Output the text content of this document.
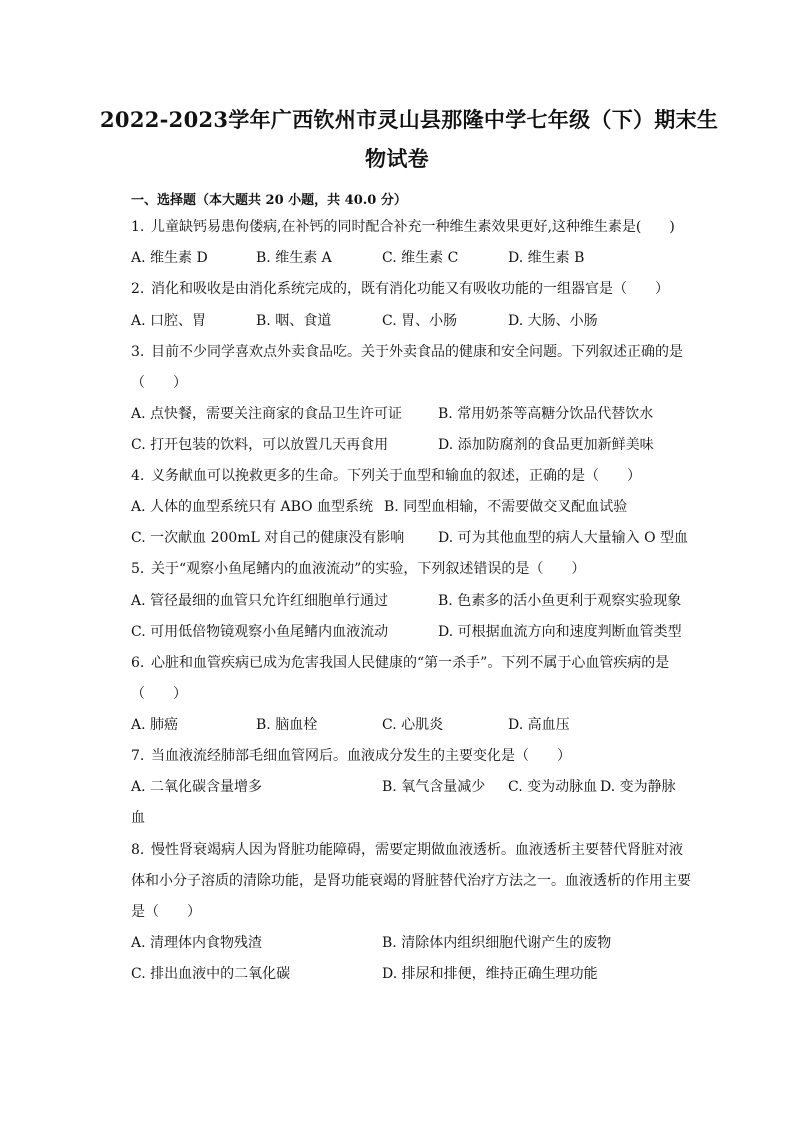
2022-2023学年广西钦州市灵山县那隆中学七年级（下）期末生
物试卷
一、选择题（本大题共 20 小题，共 40.0 分）
1. 儿童缺钙易患佝偻病,在补钙的同时配合补充一种维生素效果更好,这种维生素是(　　)
A. 维生素 D	B. 维生素 A	C. 维生素 C	D. 维生素 B
2. 消化和吸收是由消化系统完成的，既有消化功能又有吸收功能的一组器官是（　　）
A. 口腔、胃	B. 咽、食道	C. 胃、小肠	D. 大肠、小肠
3. 目前不少同学喜欢点外卖食品吃。关于外卖食品的健康和安全问题。下列叙述正确的是
（　　）
A. 点快餐，需要关注商家的食品卫生许可证	B. 常用奶茶等高糖分饮品代替饮水
C. 打开包装的饮料，可以放置几天再食用	D. 添加防腐剂的食品更加新鲜美味
4. 义务献血可以挽救更多的生命。下列关于血型和输血的叙述，正确的是（　　）
A. 人体的血型系统只有 ABO 血型系统 B. 同型血相输，不需要做交叉配血试验
C. 一次献血 200mL 对自己的健康没有影响 D. 可为其他血型的病人大量输入 O 型血
5. 关于“观察小鱼尾鳍内的血液流动”的实验，下列叙述错误的是（　　）
A. 管径最细的血管只允许红细胞单行通过	B. 色素多的活小鱼更利于观察实验现象
C. 可用低倍物镜观察小鱼尾鳍内血液流动	D. 可根据血流方向和速度判断血管类型
6. 心脏和血管疾病已成为危害我国人民健康的“第一杀手”。下列不属于心血管疾病的是
（　　）
A. 肺癌	B. 脑血栓	C. 心肌炎	D. 高血压
7. 当血液流经肺部毛细血管网后。血液成分发生的主要变化是（　　）
A. 二氧化碳含量增多	B. 氧气含量减少 C. 变为动脉血 D. 变为静脉
血
8. 慢性肾衰竭病人因为肾脏功能障碍，需要定期做血液透析。血液透析主要替代肾脏对液
体和小分子溶质的清除功能，是肾功能衰竭的肾脏替代治疗方法之一。血液透析的作用主要
是（　　）
A. 清理体内食物残渣	B. 清除体内组织细胞代谢产生的废物
C. 排出血液中的二氧化碳	D. 排尿和排便，维持正确生理功能
